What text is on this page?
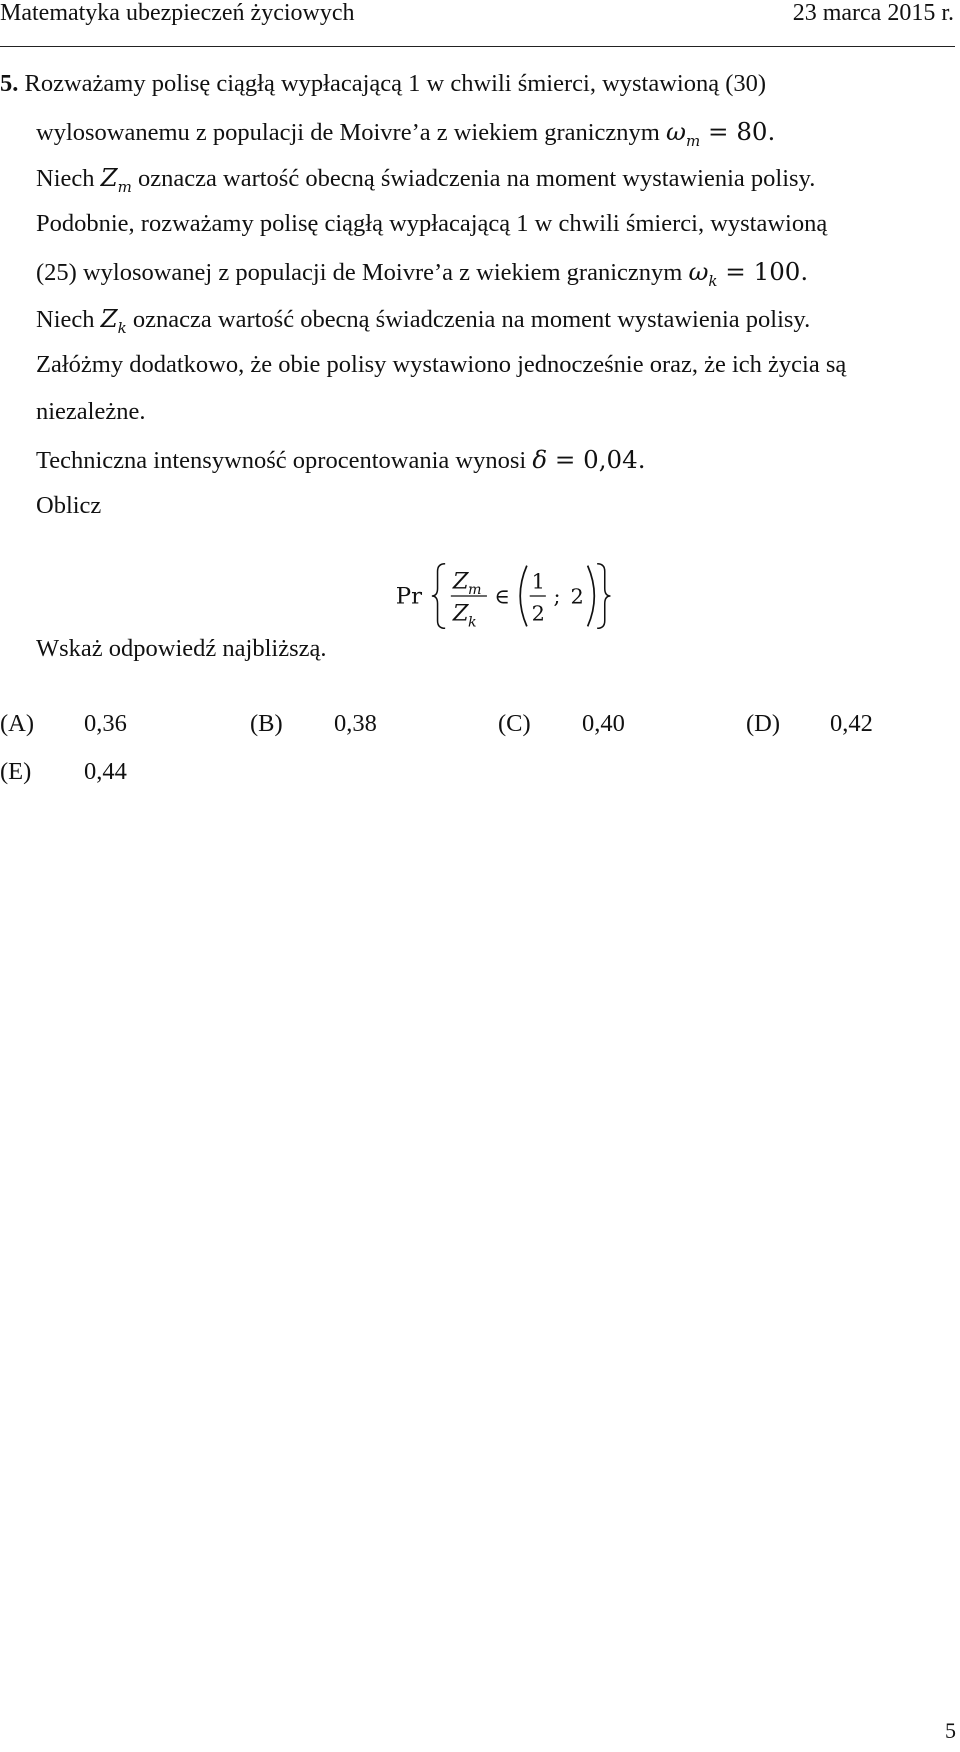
Matematyka ubezpieczeń życiowych	23 marca 2015 r.
5. Rozważamy polisę ciągłą wypłacającą 1 w chwili śmierci, wystawioną (30)
wylosowanemu z populacji de Moivre’a z wiekiem granicznym $\omega_m = 80$.
Niech $Z_m$ oznacza wartość obecną świadczenia na moment wystawienia polisy.
Podobnie, rozważamy polisę ciągłą wypłacającą 1 w chwili śmierci, wystawioną
(25) wylosowanej z populacji de Moivre’a z wiekiem granicznym $\omega_k = 100$.
Niech $Z_k$ oznacza wartość obecną świadczenia na moment wystawienia polisy.
Załóżmy dodatkowo, że obie polisy wystawiono jednocześnie oraz, że ich życia są
niezależne.
Techniczna intensywność oprocentowania wynosi δ = 0,04.
Oblicz
Pr
Z m
Z k
∈
1
2
; 2
Wskaż odpowiedź najbliższą.
(A) 0,36	(B) 0,38	(C) 0,40	(D) 0,42
(E) 0,44
5
